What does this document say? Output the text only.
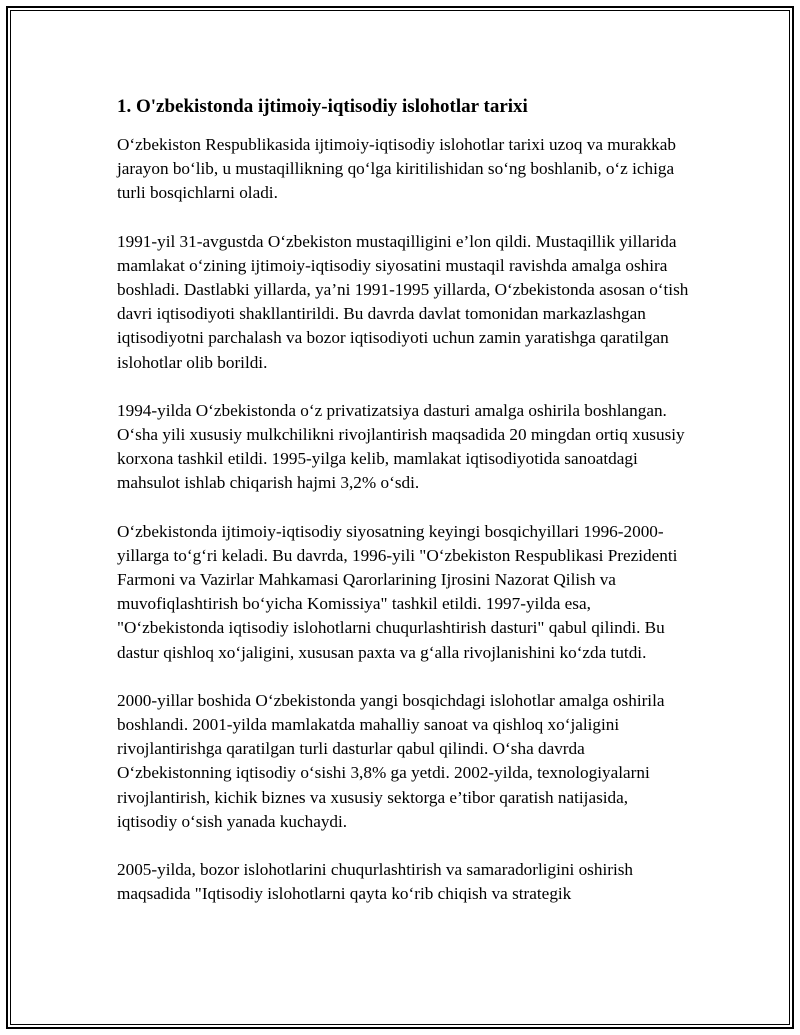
1. O'zbekistonda ijtimoiy-iqtisodiy islohotlar tarixi

O‘zbekiston Respublikasida ijtimoiy-iqtisodiy islohotlar tarixi uzoq va murakkab jarayon bo‘lib, u mustaqillikning qo‘lga kiritilishidan so‘ng boshlanib, o‘z ichiga turli bosqichlarni oladi.

1991-yil 31-avgustda O‘zbekiston mustaqilligini e’lon qildi. Mustaqillik yillarida mamlakat o‘zining ijtimoiy-iqtisodiy siyosatini mustaqil ravishda amalga oshira boshladi. Dastlabki yillarda, ya’ni 1991-1995 yillarda, O‘zbekistonda asosan o‘tish davri iqtisodiyoti shakllantirildi. Bu davrda davlat tomonidan markazlashgan iqtisodiyotni parchalash va bozor iqtisodiyoti uchun zamin yaratishga qaratilgan islohotlar olib borildi.

1994-yilda O‘zbekistonda o‘z privatizatsiya dasturi amalga oshirila boshlangan. O‘sha yili xususiy mulkchilikni rivojlantirish maqsadida 20 mingdan ortiq xususiy korxona tashkil etildi. 1995-yilga kelib, mamlakat iqtisodiyotida sanoatdagi mahsulot ishlab chiqarish hajmi 3,2% o‘sdi.

O‘zbekistonda ijtimoiy-iqtisodiy siyosatning keyingi bosqichyillari 1996-2000-yillarga to‘g‘ri keladi. Bu davrda, 1996-yili "O‘zbekiston Respublikasi Prezidenti Farmoni va Vazirlar Mahkamasi Qarorlarining Ijrosini Nazorat Qilish va muvofiqlashtirish bo‘yicha Komissiya" tashkil etildi. 1997-yilda esa, "O‘zbekistonda iqtisodiy islohotlarni chuqurlashtirish dasturi" qabul qilindi. Bu dastur qishloq xo‘jaligini, xususan paxta va g‘alla rivojlanishini ko‘zda tutdi.

2000-yillar boshida O‘zbekistonda yangi bosqichdagi islohotlar amalga oshirila boshlandi. 2001-yilda mamlakatda mahalliy sanoat va qishloq xo‘jaligini rivojlantirishga qaratilgan turli dasturlar qabul qilindi. O‘sha davrda O‘zbekistonning iqtisodiy o‘sishi 3,8% ga yetdi. 2002-yilda, texnologiyalarni rivojlantirish, kichik biznes va xususiy sektorga e’tibor qaratish natijasida, iqtisodiy o‘sish yanada kuchaydi.

2005-yilda, bozor islohotlarini chuqurlashtirish va samaradorligini oshirish maqsadida "Iqtisodiy islohotlarni qayta ko‘rib chiqish va strategik
